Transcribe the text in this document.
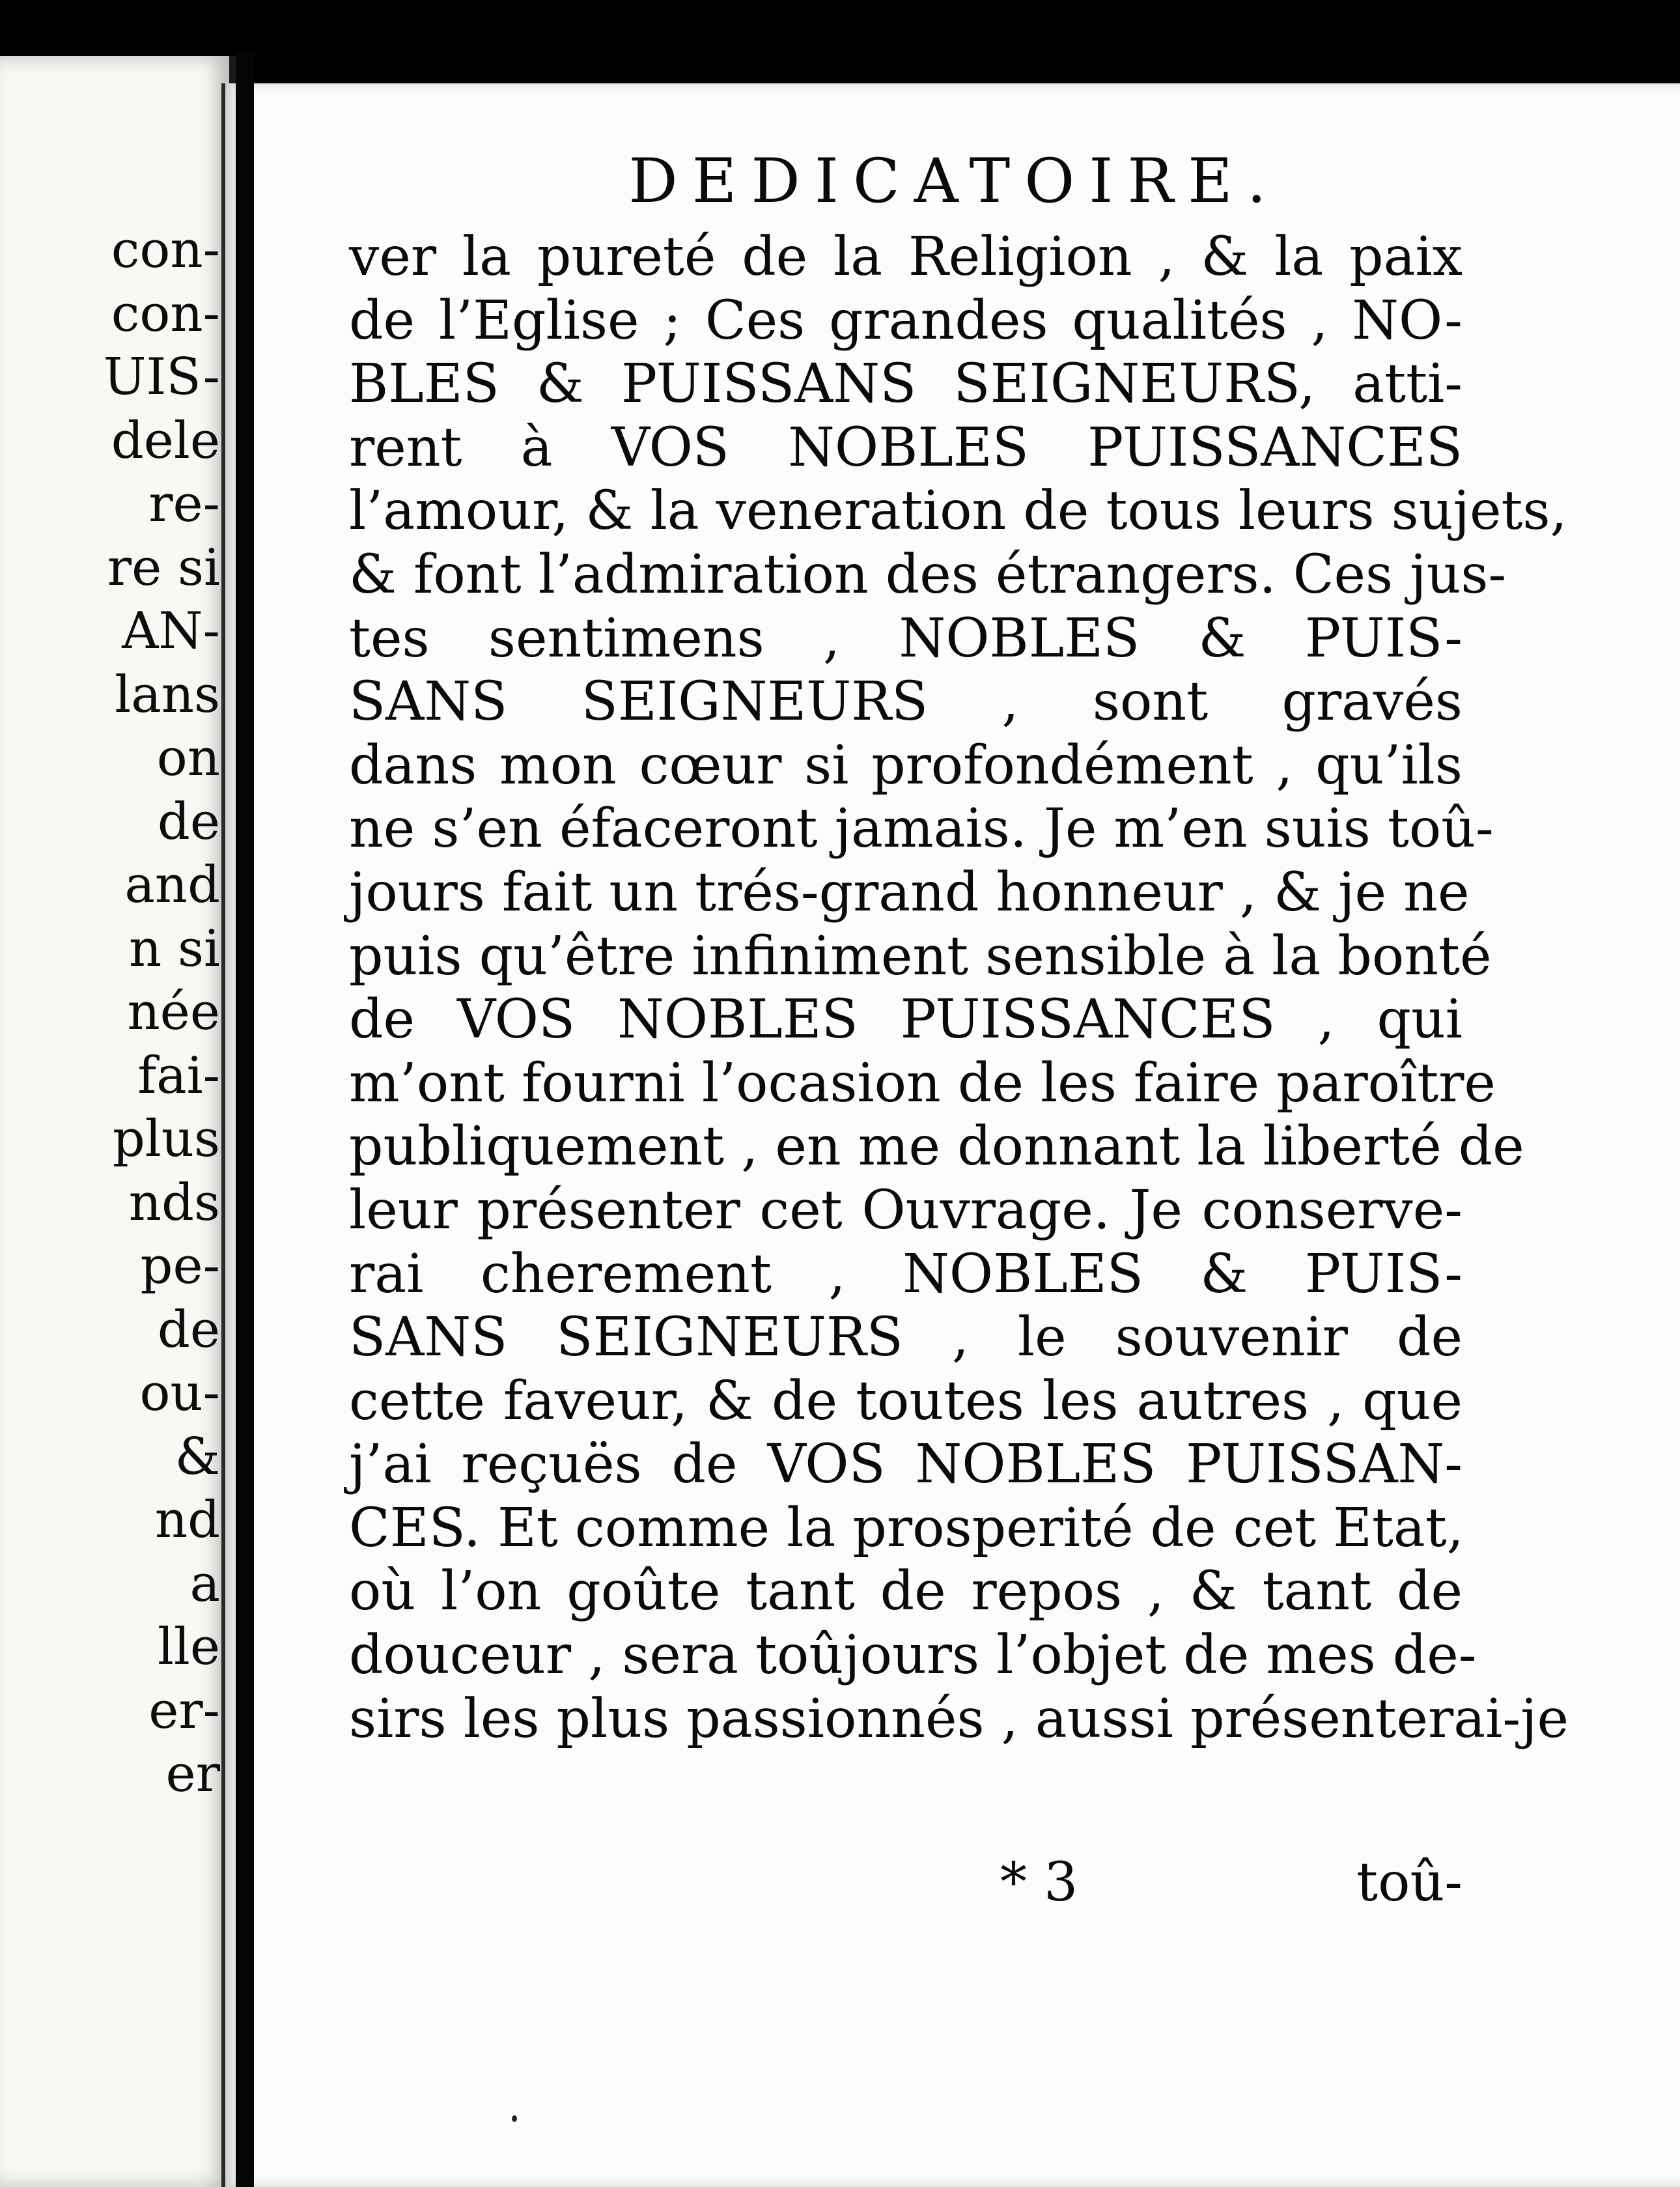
con-
con-
UIS-
dele
re-
re si
AN-
lans
on
de
and
n si
née
fai-
plus
nds
pe-
de
ou-
&
nd
a
lle
er-
er
DEDICATOIRE.
ver la pureté de la Religion , & la paix
de l’Eglise ; Ces grandes qualités , NO-
BLES & PUISSANS SEIGNEURS, atti-
rent à VOS NOBLES PUISSANCES
l’amour, & la veneration de tous leurs sujets,
& font l’admiration des étrangers. Ces jus-
tes sentimens , NOBLES & PUIS-
SANS SEIGNEURS , sont gravés
dans mon cœur si profondément , qu’ils
ne s’en éfaceront jamais. Je m’en suis toû-
jours fait un trés-grand honneur , & je ne
puis qu’être infiniment sensible à la bonté
de VOS NOBLES PUISSANCES , qui
m’ont fourni l’ocasion de les faire paroître
publiquement , en me donnant la liberté de
leur présenter cet Ouvrage. Je conserve-
rai cherement , NOBLES & PUIS-
SANS SEIGNEURS , le souvenir de
cette faveur, & de toutes les autres , que
j’ai reçuës de VOS NOBLES PUISSAN-
CES. Et comme la prosperité de cet Etat,
où l’on goûte tant de repos , & tant de
douceur , sera toûjours l’objet de mes de-
sirs les plus passionnés , aussi présenterai-je
* 3	toû-
